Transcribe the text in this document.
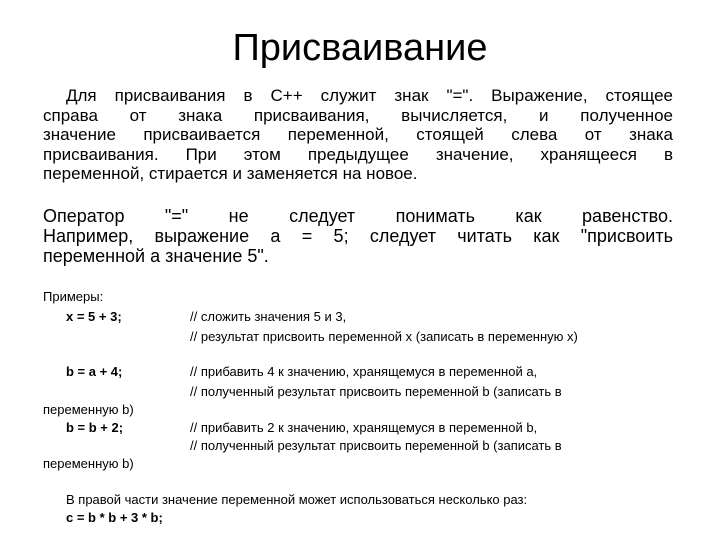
Присваивание
Для присваивания в С++ служит знак "=". Выражение, стоящее
справа от знака присваивания, вычисляется, и полученное
значение присваивается переменной, стоящей слева от знака
присваивания. При этом предыдущее значение, хранящееся в
переменной, стирается и заменяется на новое.
Оператор "=" не следует понимать как равенство.
Например, выражение a = 5; следует читать как "присвоить
переменной a значение 5".
Примеры:
x = 5 + 3;	// сложить значения 5 и 3,
// результат присвоить переменной x (записать в переменную x)
b = a + 4;	// прибавить 4 к значению, хранящемуся в переменной a,
// полученный результат присвоить переменной b (записать в
переменную b)
b = b + 2;	// прибавить 2 к значению, хранящемуся в переменной b,
// полученный результат присвоить переменной b (записать в
переменную b)
В правой части значение переменной может использоваться несколько раз:
c = b * b + 3 * b;
